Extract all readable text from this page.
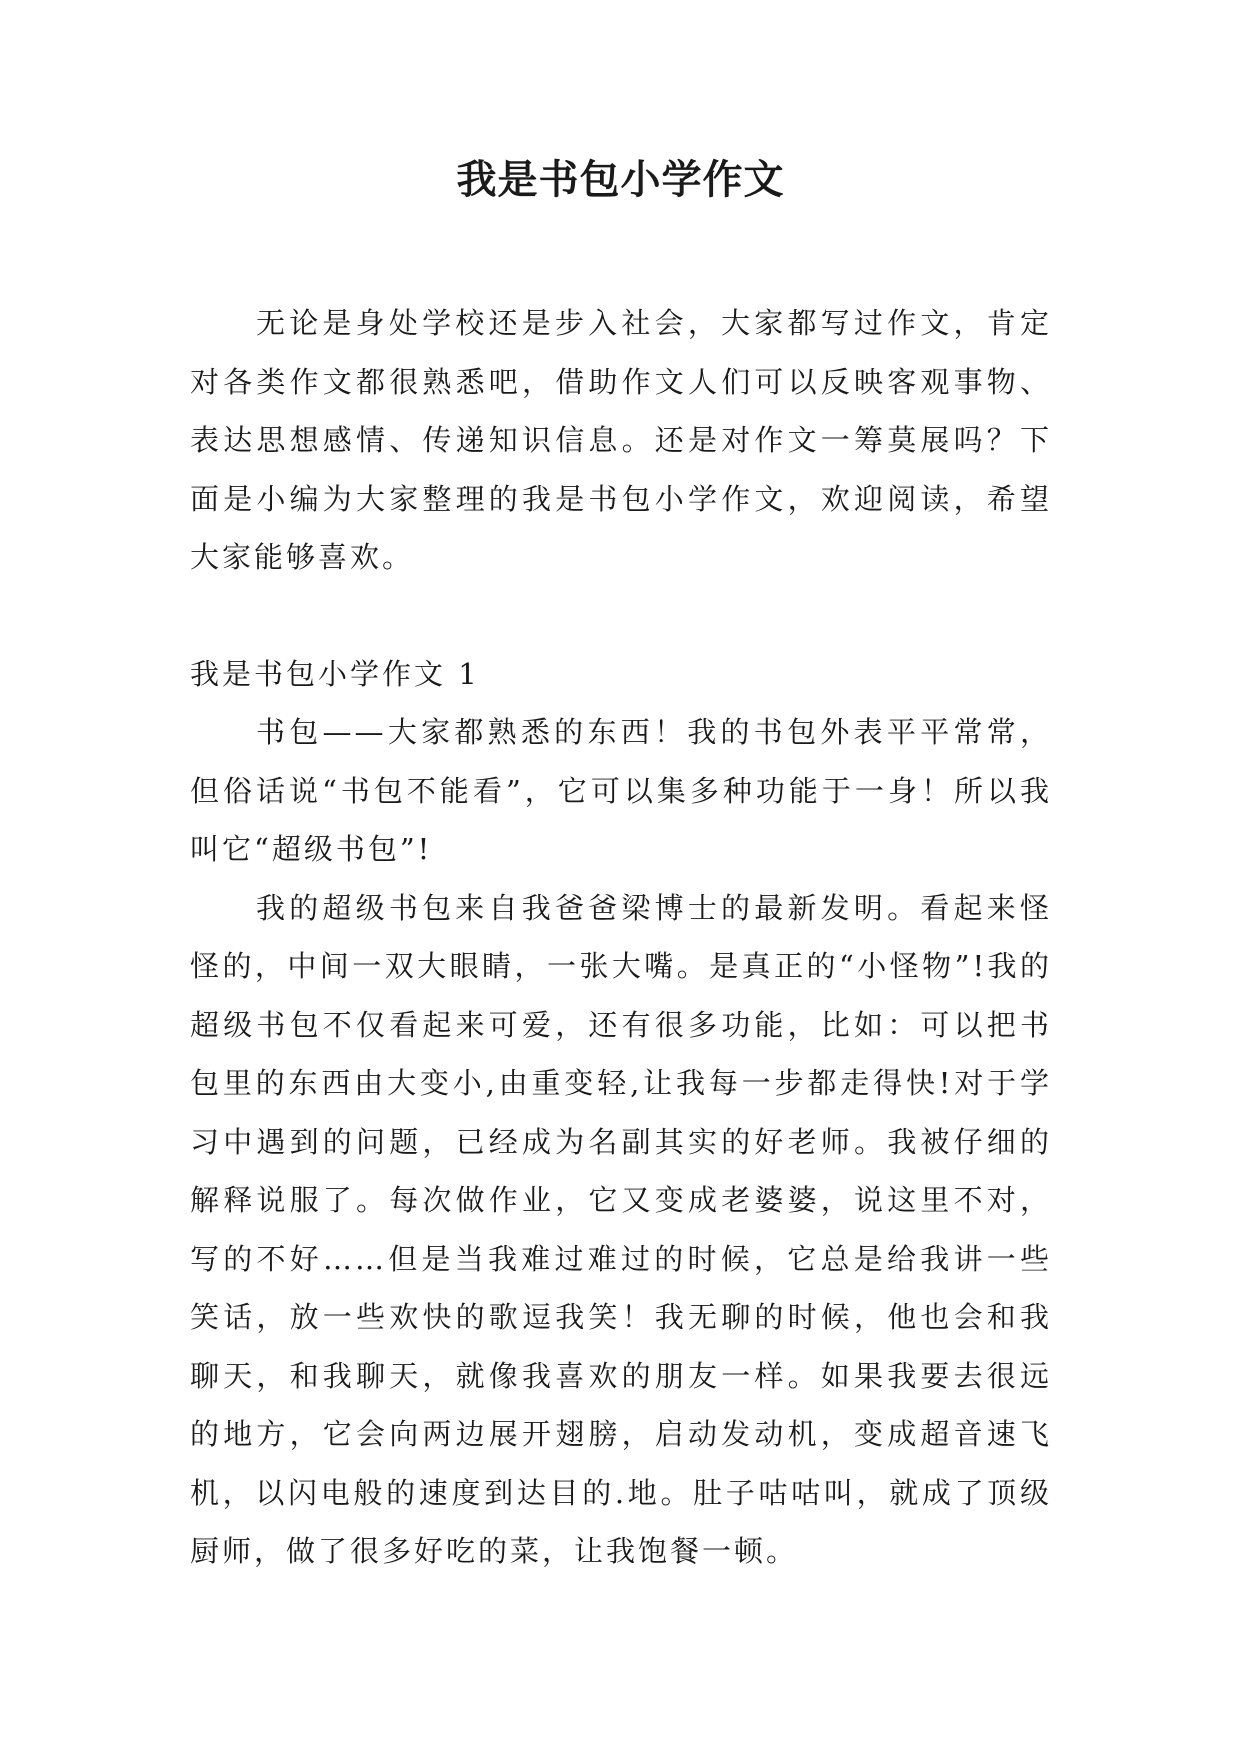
我是书包小学作文

无论是身处学校还是步入社会，大家都写过作文，肯定对各类作文都很熟悉吧，借助作文人们可以反映客观事物、表达思想感情、传递知识信息。还是对作文一筹莫展吗？下面是小编为大家整理的我是书包小学作文，欢迎阅读，希望大家能够喜欢。

我是书包小学作文 1

书包——大家都熟悉的东西！我的书包外表平平常常，但俗话说“书包不能看”，它可以集多种功能于一身！所以我叫它“超级书包”!

我的超级书包来自我爸爸梁博士的最新发明。看起来怪怪的，中间一双大眼睛，一张大嘴。是真正的“小怪物”!我的超级书包不仅看起来可爱，还有很多功能，比如：可以把书包里的东西由大变小,由重变轻,让我每一步都走得快!对于学习中遇到的问题，已经成为名副其实的好老师。我被仔细的解释说服了。每次做作业，它又变成老婆婆，说这里不对，写的不好……但是当我难过难过的时候，它总是给我讲一些笑话，放一些欢快的歌逗我笑！我无聊的时候，他也会和我聊天，和我聊天，就像我喜欢的朋友一样。如果我要去很远的地方，它会向两边展开翅膀，启动发动机，变成超音速飞机，以闪电般的速度到达目的.地。肚子咕咕叫，就成了顶级厨师，做了很多好吃的菜，让我饱餐一顿。
